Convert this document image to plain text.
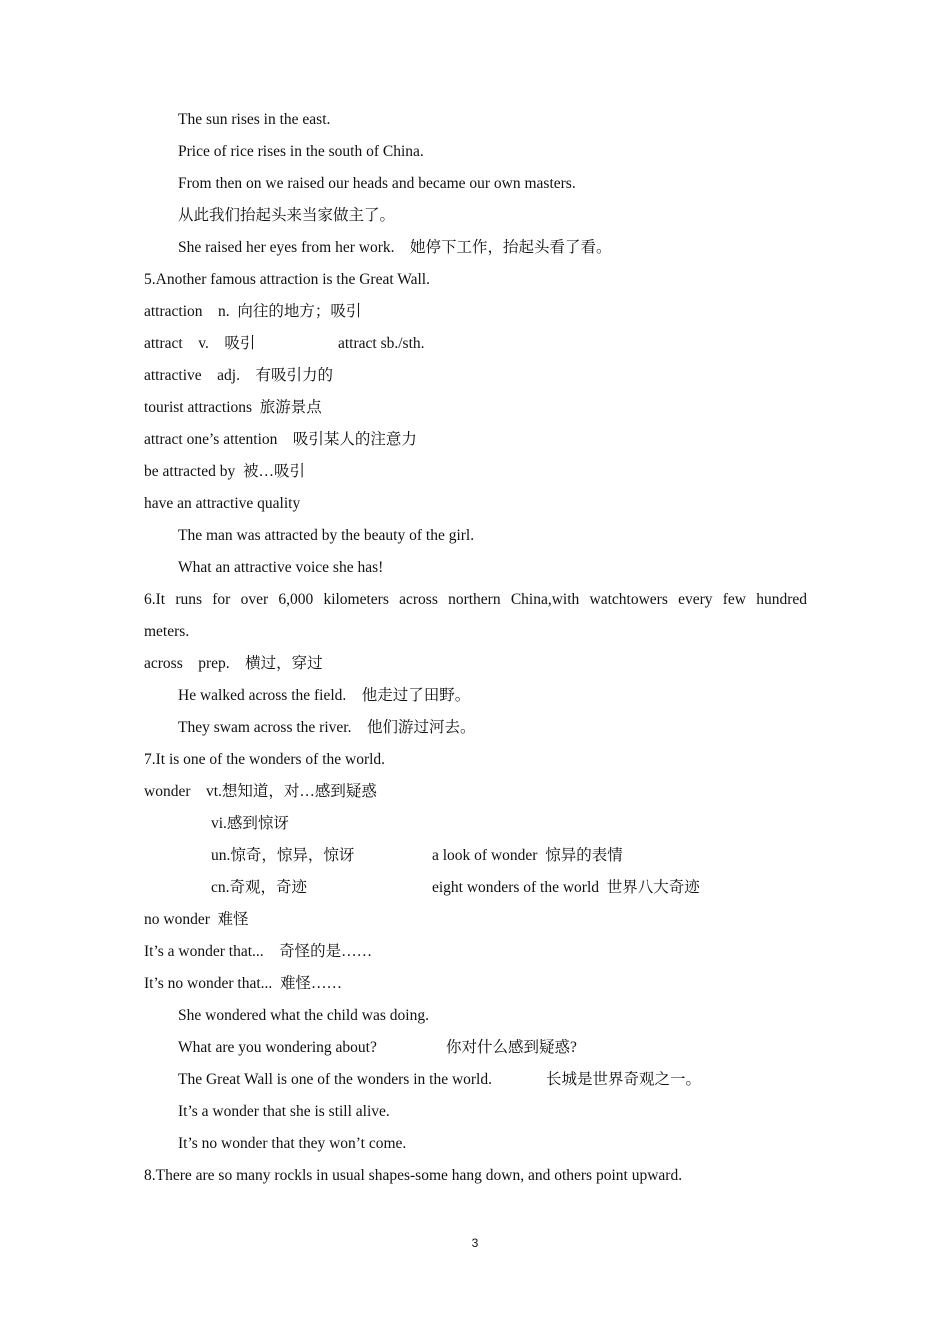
The sun rises in the east.
Price of rice rises in the south of China.
From then on we raised our heads and became our own masters.
从此我们抬起头来当家做主了。
She raised her eyes from her work.    她停下工作，抬起头看了看。
5.Another famous attraction is the Great Wall.
attraction    n.  向往的地方；吸引
attract    v.    吸引	attract sb./sth.
attractive    adj.    有吸引力的
tourist attractions  旅游景点
attract one’s attention    吸引某人的注意力
be attracted by  被…吸引
have an attractive quality
The man was attracted by the beauty of the girl.
What an attractive voice she has!
6.It runs for over 6,000 kilometers across northern China,with watchtowers every few hundred
meters.
across    prep.    横过，穿过
He walked across the field.    他走过了田野。
They swam across the river.    他们游过河去。
7.It is one of the wonders of the world.
wonder    vt.想知道，对…感到疑惑
vi.感到惊讶
un.惊奇，惊异，惊讶	a look of wonder  惊异的表情
cn.奇观，奇迹	eight wonders of the world  世界八大奇迹
no wonder  难怪
It’s a wonder that...    奇怪的是……
It’s no wonder that...  难怪……
She wondered what the child was doing.
What are you wondering about?	你对什么感到疑惑?
The Great Wall is one of the wonders in the world.	长城是世界奇观之一。
It’s a wonder that she is still alive.
It’s no wonder that they won’t come.
8.There are so many rockls in usual shapes-some hang down, and others point upward.
3
